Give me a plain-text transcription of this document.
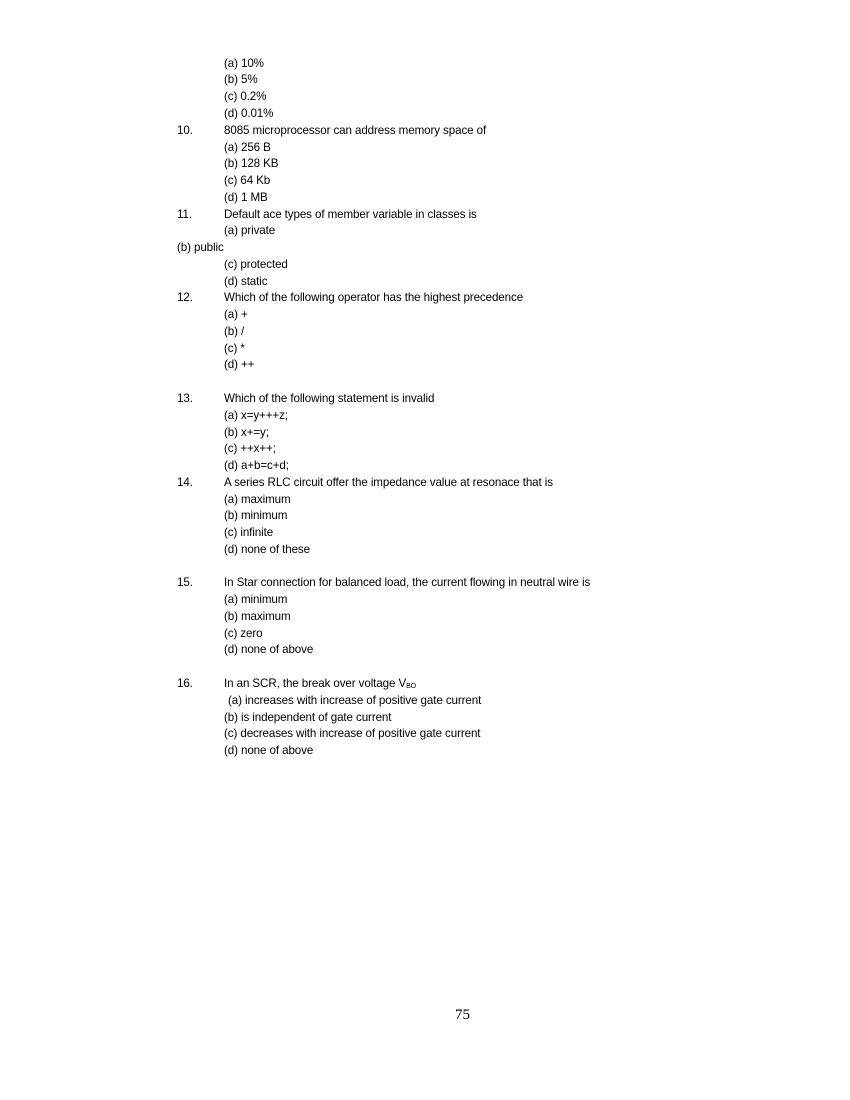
(a) 10%
(b) 5%
(c) 0.2%
(d) 0.01%
10.	8085 microprocessor can address memory space of
(a) 256 B
(b) 128 KB
(c) 64 Kb
(d) 1 MB
11.	Default ace types of member variable in classes is
(a) private
(b) public
(c) protected
(d) static
12.	Which of the following operator has the highest precedence
(a) +
(b) /
(c) *
(d) ++
13.	Which of the following statement is invalid
(a) x=y+++z;
(b) x+=y;
(c) ++x++;
(d) a+b=c+d;
14.	A series RLC circuit offer the impedance value at resonace that is
(a) maximum
(b) minimum
(c) infinite
(d) none of these
15.	In Star connection for balanced load, the current flowing in neutral wire is
(a) minimum
(b) maximum
(c) zero
(d) none of above
16.	In an SCR, the break over voltage $V_{BO}$
(a) increases with increase of positive gate current
(b) is independent of gate current
(c) decreases with increase of positive gate current
(d) none of above
75
